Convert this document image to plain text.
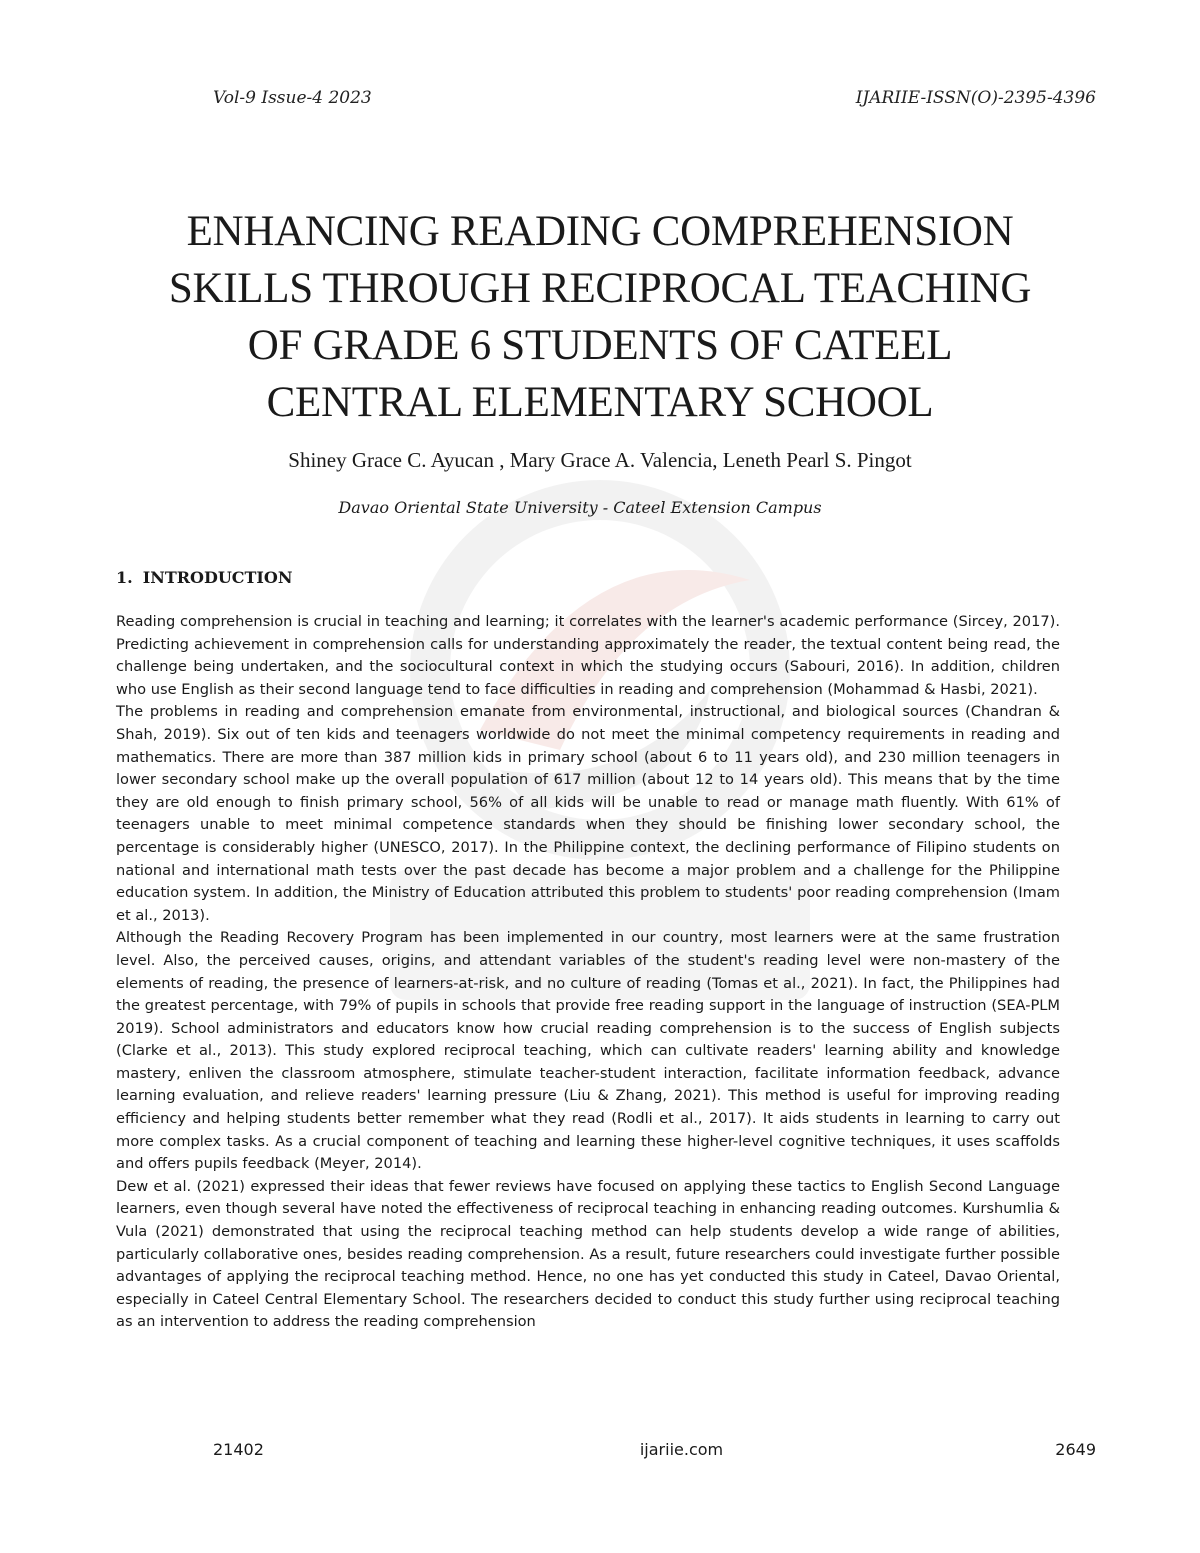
Vol-9 Issue-4 2023	IJARIIE-ISSN(O)-2395-4396
ENHANCING READING COMPREHENSION
SKILLS THROUGH RECIPROCAL TEACHING
OF GRADE 6 STUDENTS OF CATEEL
CENTRAL ELEMENTARY SCHOOL
Shiney Grace C. Ayucan , Mary Grace A. Valencia, Leneth Pearl S. Pingot
Davao Oriental State University - Cateel Extension Campus
1. INTRODUCTION

Reading comprehension is crucial in teaching and learning; it correlates with the learner's academic performance (Sircey, 2017). Predicting achievement in comprehension calls for understanding approximately the reader, the textual content being read, the challenge being undertaken, and the sociocultural context in which the studying occurs (Sabouri, 2016). In addition, children who use English as their second language tend to face difficulties in reading and comprehension (Mohammad & Hasbi, 2021).

The problems in reading and comprehension emanate from environmental, instructional, and biological sources (Chandran & Shah, 2019). Six out of ten kids and teenagers worldwide do not meet the minimal competency requirements in reading and mathematics. There are more than 387 million kids in primary school (about 6 to 11 years old), and 230 million teenagers in lower secondary school make up the overall population of 617 million (about 12 to 14 years old). This means that by the time they are old enough to finish primary school, 56% of all kids will be unable to read or manage math fluently. With 61% of teenagers unable to meet minimal competence standards when they should be finishing lower secondary school, the percentage is considerably higher (UNESCO, 2017). In the Philippine context, the declining performance of Filipino students on national and international math tests over the past decade has become a major problem and a challenge for the Philippine education system. In addition, the Ministry of Education attributed this problem to students' poor reading comprehension (Imam et al., 2013).

Although the Reading Recovery Program has been implemented in our country, most learners were at the same frustration level. Also, the perceived causes, origins, and attendant variables of the student's reading level were non-mastery of the elements of reading, the presence of learners-at-risk, and no culture of reading (Tomas et al., 2021). In fact, the Philippines had the greatest percentage, with 79% of pupils in schools that provide free reading support in the language of instruction (SEA-PLM 2019). School administrators and educators know how crucial reading comprehension is to the success of English subjects (Clarke et al., 2013). This study explored reciprocal teaching, which can cultivate readers' learning ability and knowledge mastery, enliven the classroom atmosphere, stimulate teacher-student interaction, facilitate information feedback, advance learning evaluation, and relieve readers' learning pressure (Liu & Zhang, 2021). This method is useful for improving reading efficiency and helping students better remember what they read (Rodli et al., 2017). It aids students in learning to carry out more complex tasks. As a crucial component of teaching and learning these higher-level cognitive techniques, it uses scaffolds and offers pupils feedback (Meyer, 2014).

Dew et al. (2021) expressed their ideas that fewer reviews have focused on applying these tactics to English Second Language learners, even though several have noted the effectiveness of reciprocal teaching in enhancing reading outcomes. Kurshumlia & Vula (2021) demonstrated that using the reciprocal teaching method can help students develop a wide range of abilities, particularly collaborative ones, besides reading comprehension. As a result, future researchers could investigate further possible advantages of applying the reciprocal teaching method. Hence, no one has yet conducted this study in Cateel, Davao Oriental, especially in Cateel Central Elementary School. The researchers decided to conduct this study further using reciprocal teaching as an intervention to address the reading comprehension

21402	ijariie.com	2649
